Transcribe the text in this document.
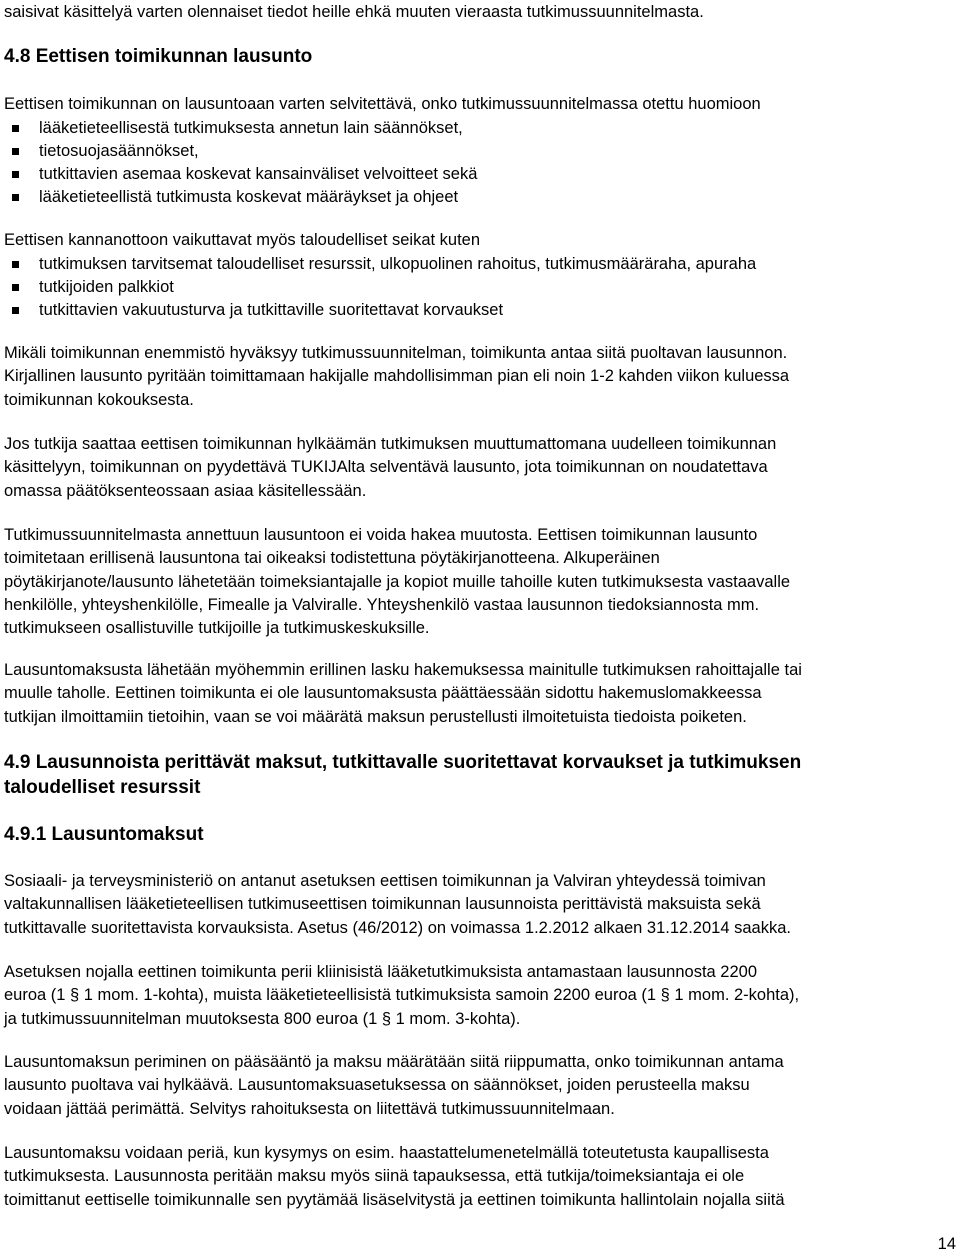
saisivat käsittelyä varten olennaiset tiedot heille ehkä muuten vieraasta tutkimussuunnitelmasta.
4.8 Eettisen toimikunnan lausunto
Eettisen toimikunnan on lausuntoaan varten selvitettävä, onko tutkimussuunnitelmassa otettu huomioon
lääketieteellisestä tutkimuksesta annetun lain säännökset,
tietosuojasäännökset,
tutkittavien asemaa koskevat kansainväliset velvoitteet sekä
lääketieteellistä tutkimusta koskevat määräykset ja ohjeet
Eettisen kannanottoon vaikuttavat myös taloudelliset seikat kuten
tutkimuksen tarvitsemat taloudelliset resurssit, ulkopuolinen rahoitus, tutkimusmääräraha, apuraha
tutkijoiden palkkiot
tutkittavien vakuutusturva ja tutkittaville suoritettavat korvaukset
Mikäli toimikunnan enemmistö hyväksyy tutkimussuunnitelman, toimikunta antaa siitä puoltavan lausunnon.
Kirjallinen lausunto pyritään toimittamaan hakijalle mahdollisimman pian eli noin 1-2 kahden viikon kuluessa
toimikunnan kokouksesta.
Jos tutkija saattaa eettisen toimikunnan hylkäämän tutkimuksen muuttumattomana uudelleen toimikunnan
käsittelyyn, toimikunnan on pyydettävä TUKIJAlta selventävä lausunto, jota toimikunnan on noudatettava
omassa päätöksenteossaan asiaa käsitellessään.
Tutkimussuunnitelmasta annettuun lausuntoon ei voida hakea muutosta. Eettisen toimikunnan lausunto
toimitetaan erillisenä lausuntona tai oikeaksi todistettuna pöytäkirjanotteena. Alkuperäinen
pöytäkirjanote/lausunto lähetetään toimeksiantajalle ja kopiot muille tahoille kuten tutkimuksesta vastaavalle
henkilölle, yhteyshenkilölle, Fimealle ja Valviralle. Yhteyshenkilö vastaa lausunnon tiedoksiannosta mm.
tutkimukseen osallistuville tutkijoille ja tutkimuskeskuksille.
Lausuntomaksusta lähetään myöhemmin erillinen lasku hakemuksessa mainitulle tutkimuksen rahoittajalle tai
muulle taholle. Eettinen toimikunta ei ole lausuntomaksusta päättäessään sidottu hakemuslomakkeessa
tutkijan ilmoittamiin tietoihin, vaan se voi määrätä maksun perustellusti ilmoitetuista tiedoista poiketen.
4.9 Lausunnoista perittävät maksut, tutkittavalle suoritettavat korvaukset ja tutkimuksen
taloudelliset resurssit
4.9.1 Lausuntomaksut
Sosiaali- ja terveysministeriö on antanut asetuksen eettisen toimikunnan ja Valviran yhteydessä toimivan
valtakunnallisen lääketieteellisen tutkimuseettisen toimikunnan lausunnoista perittävistä maksuista sekä
tutkittavalle suoritettavista korvauksista. Asetus (46/2012) on voimassa 1.2.2012 alkaen 31.12.2014 saakka.
Asetuksen nojalla eettinen toimikunta perii kliinisistä lääketutkimuksista antamastaan lausunnosta 2200
euroa (1 § 1 mom. 1-kohta), muista lääketieteellisistä tutkimuksista samoin 2200 euroa (1 § 1 mom. 2-kohta),
ja tutkimussuunnitelman muutoksesta 800 euroa (1 § 1 mom. 3-kohta).
Lausuntomaksun periminen on pääsääntö ja maksu määrätään siitä riippumatta, onko toimikunnan antama
lausunto puoltava vai hylkäävä. Lausuntomaksuasetuksessa on säännökset, joiden perusteella maksu
voidaan jättää perimättä. Selvitys rahoituksesta on liitettävä tutkimussuunnitelmaan.
Lausuntomaksu voidaan periä, kun kysymys on esim. haastattelumenetelmällä toteutetusta kaupallisesta
tutkimuksesta. Lausunnosta peritään maksu myös siinä tapauksessa, että tutkija/toimeksiantaja ei ole
toimittanut eettiselle toimikunnalle sen pyytämää lisäselvitystä ja eettinen toimikunta hallintolain nojalla siitä
14
